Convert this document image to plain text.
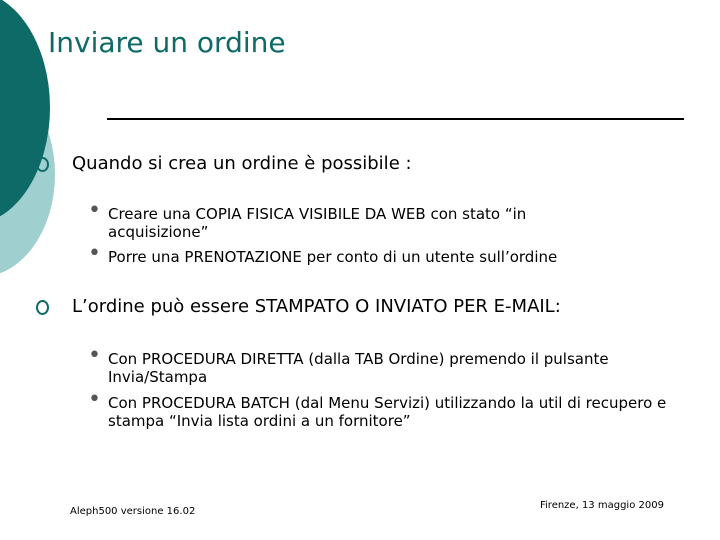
Inviare un ordine
Quando si crea un ordine è possibile :
• Creare una COPIA FISICA VISIBILE DA WEB con stato “in acquisizione”
• Porre una PRENOTAZIONE per conto di un utente sull’ordine
L’ordine può essere STAMPATO O INVIATO PER E-MAIL:
• Con PROCEDURA DIRETTA (dalla TAB Ordine) premendo il pulsante Invia/Stampa
• Con PROCEDURA BATCH (dal Menu Servizi) utilizzando la util di recupero e stampa “Invia lista ordini a un fornitore”
Aleph500 versione 16.02
Firenze, 13 maggio 2009
